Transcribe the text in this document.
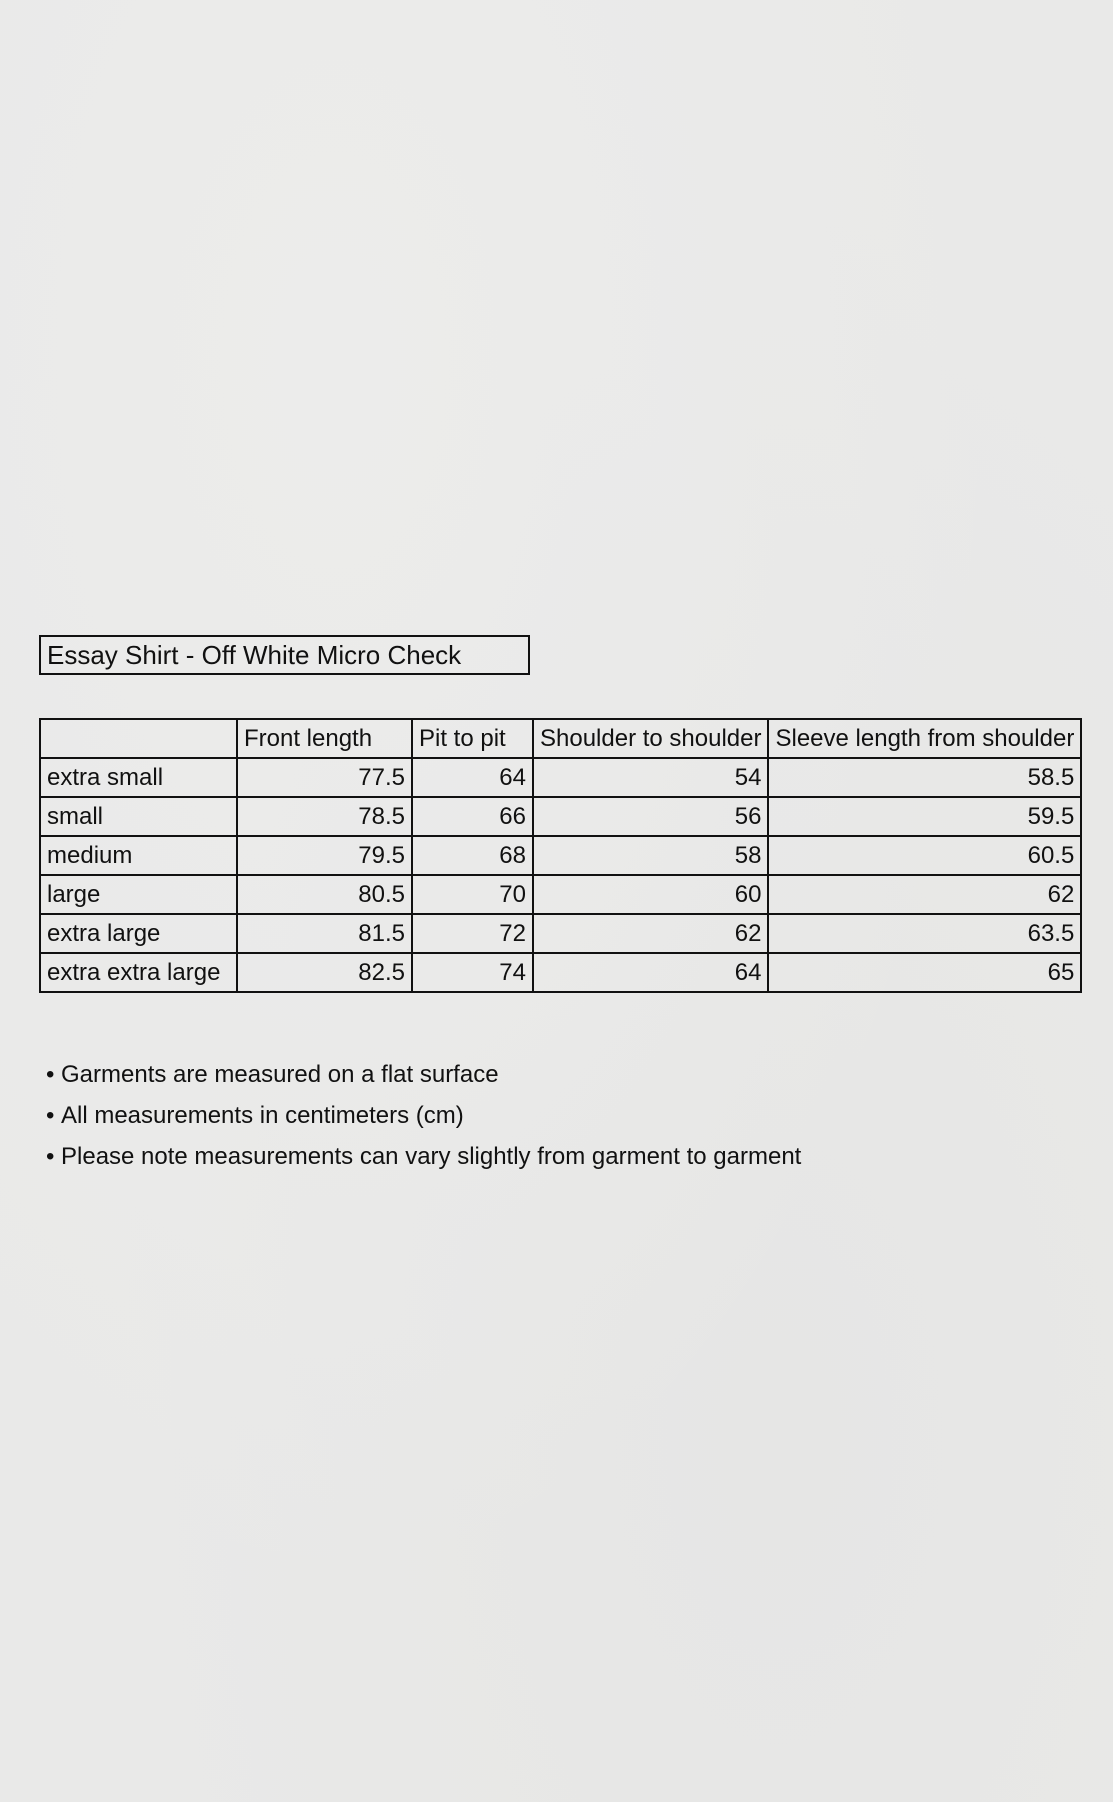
Essay Shirt - Off White Micro Check
	Front length	Pit to pit	Shoulder to shoulder	Sleeve length from shoulder
extra small	77.5	64	54	58.5
small	78.5	66	56	59.5
medium	79.5	68	58	60.5
large	80.5	70	60	62
extra large	81.5	72	62	63.5
extra extra large	82.5	74	64	65
• Garments are measured on a flat surface
• All measurements in centimeters (cm)
• Please note measurements can vary slightly from garment to garment
